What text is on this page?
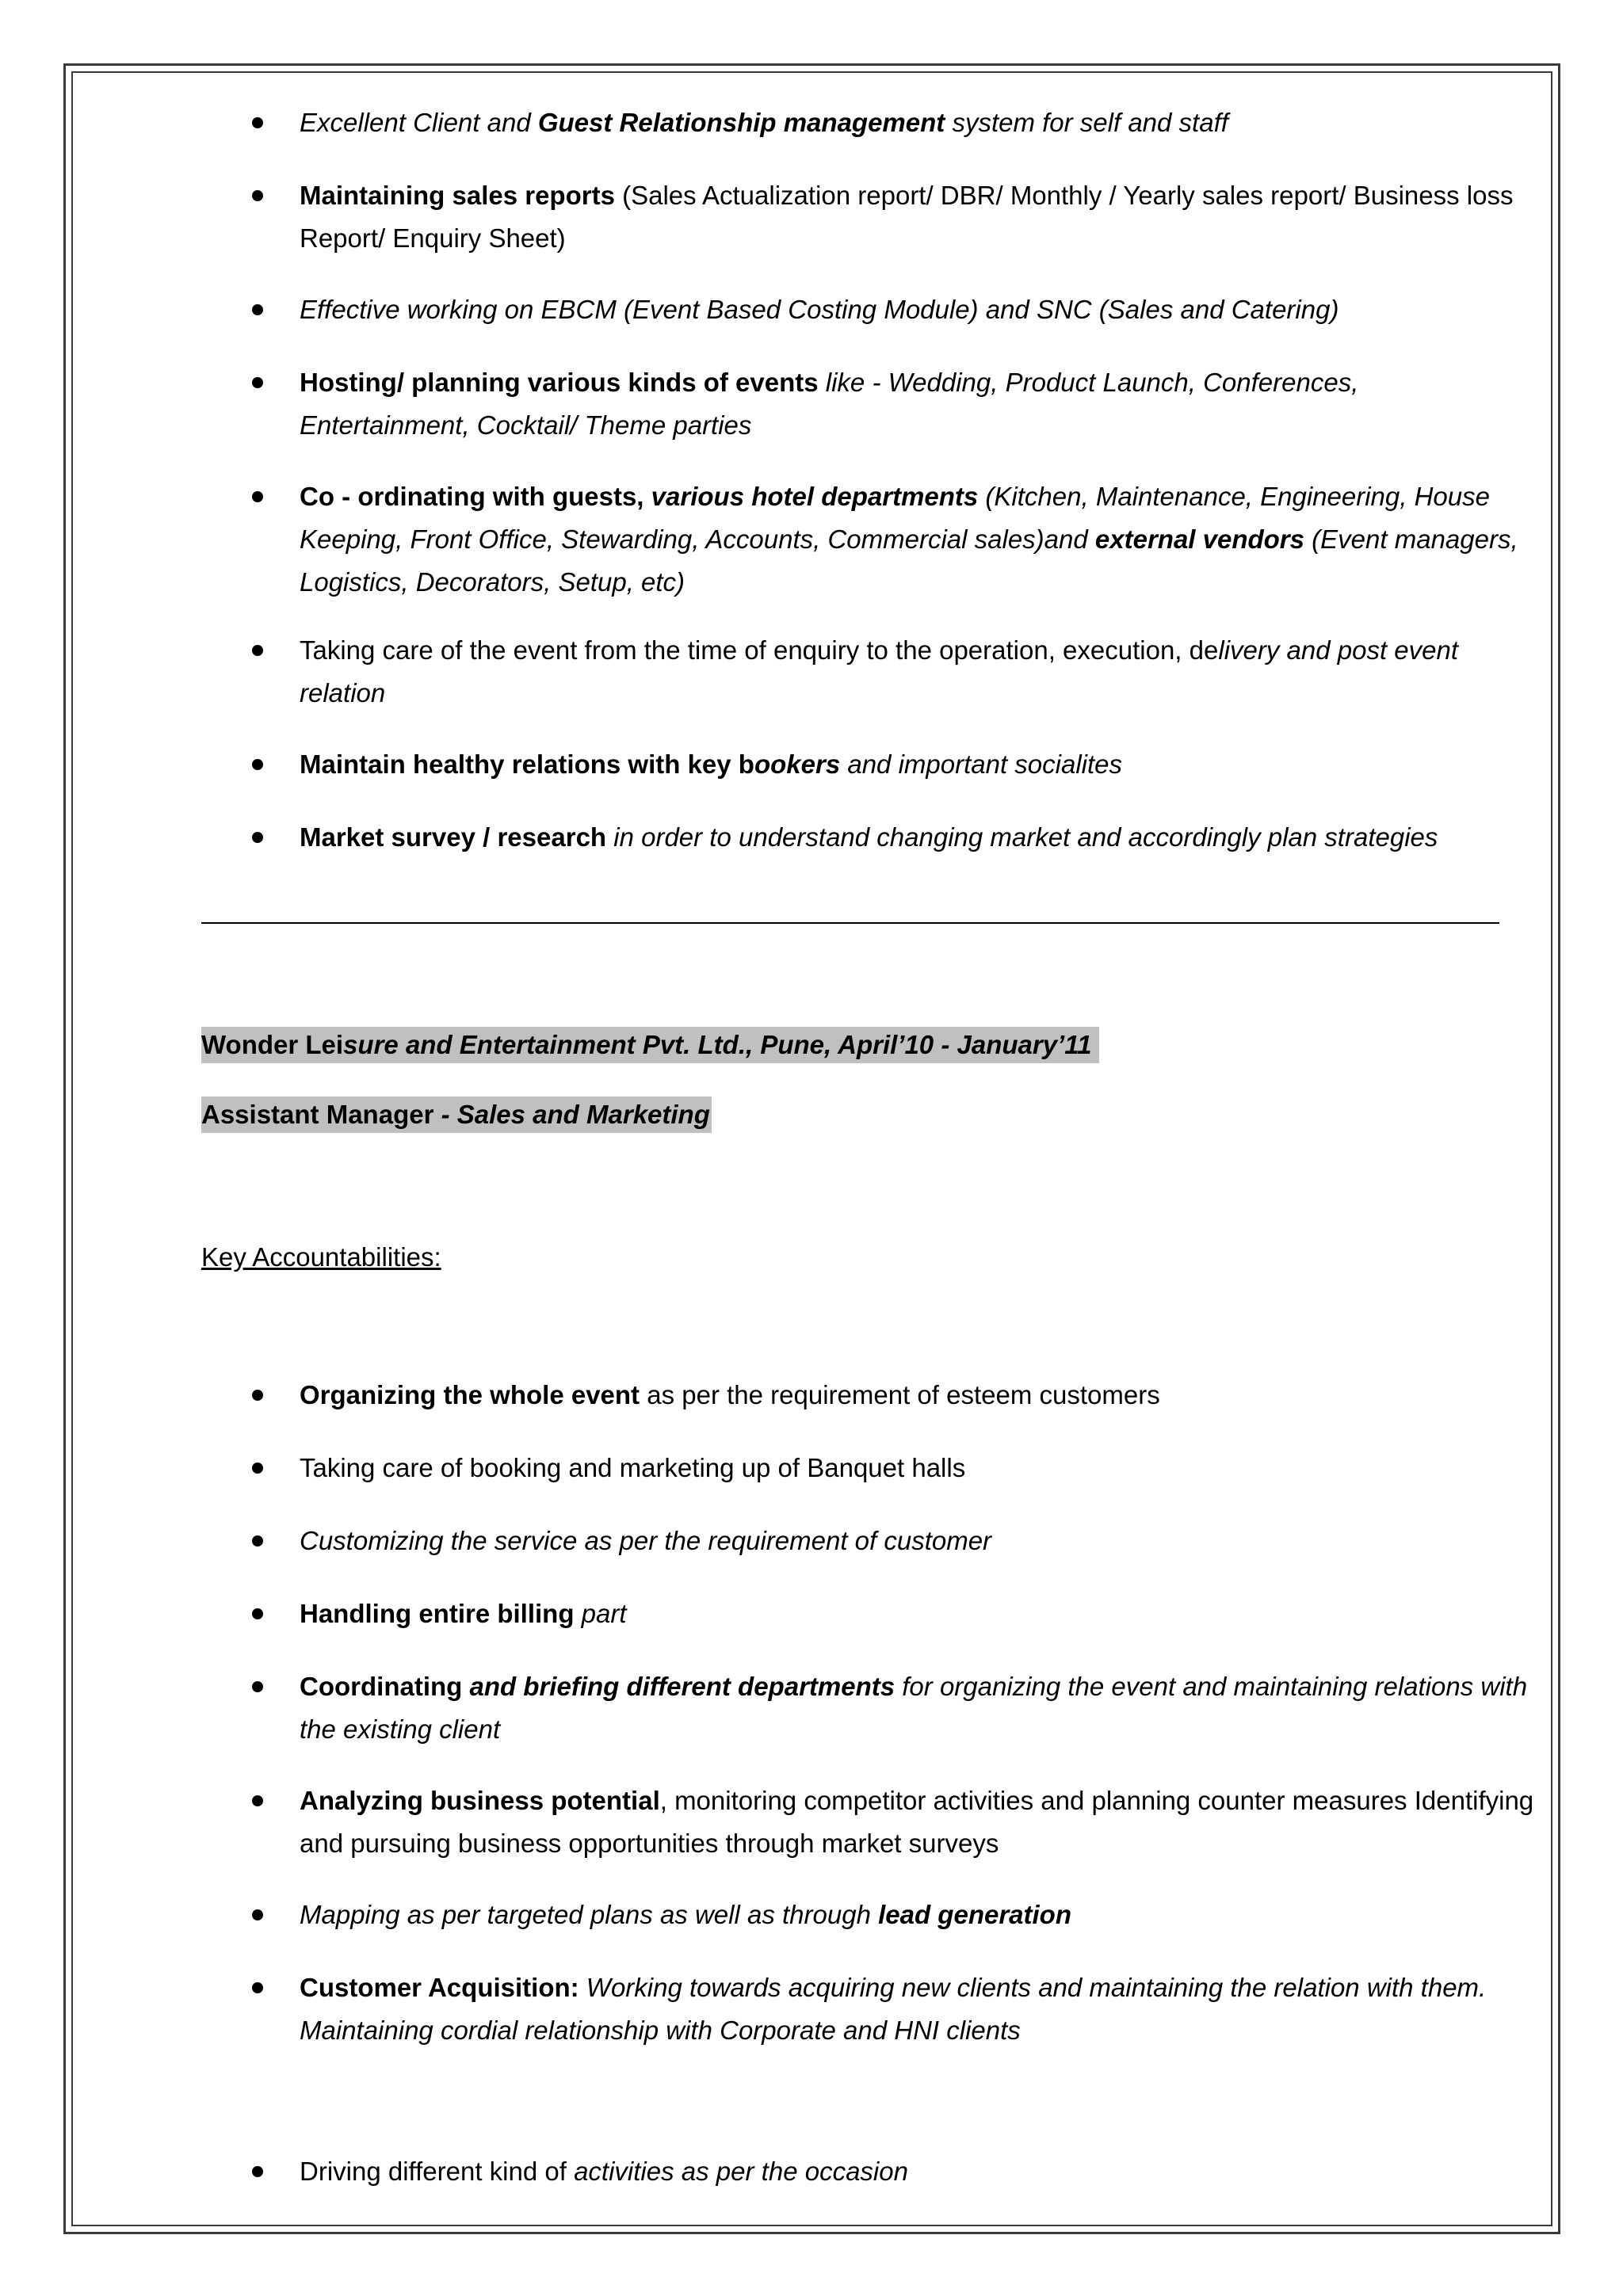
Excellent Client and Guest Relationship management system for self and staff
Maintaining sales reports (Sales Actualization report/ DBR/ Monthly / Yearly sales report/ Business loss Report/ Enquiry Sheet)
Effective working on EBCM (Event Based Costing Module) and SNC (Sales and Catering)
Hosting/ planning various kinds of events like - Wedding, Product Launch, Conferences, Entertainment, Cocktail/ Theme parties
Co - ordinating with guests, various hotel departments (Kitchen, Maintenance, Engineering, House Keeping, Front Office, Stewarding, Accounts, Commercial sales)and external vendors (Event managers, Logistics, Decorators, Setup, etc)
Taking care of the event from the time of enquiry to the operation, execution, delivery and post event relation
Maintain healthy relations with key bookers and important socialites
Market survey / research in order to understand changing market and accordingly plan strategies
Wonder Leisure and Entertainment Pvt. Ltd., Pune, April’10 - January’11
Assistant Manager - Sales and Marketing
Key Accountabilities:
Organizing the whole event as per the requirement of esteem customers
Taking care of booking and marketing up of Banquet halls
Customizing the service as per the requirement of customer
Handling entire billing part
Coordinating and briefing different departments for organizing the event and maintaining relations with the existing client
Analyzing business potential, monitoring competitor activities and planning counter measures Identifying and pursuing business opportunities through market surveys
Mapping as per targeted plans as well as through lead generation
Customer Acquisition: Working towards acquiring new clients and maintaining the relation with them. Maintaining cordial relationship with Corporate and HNI clients
Driving different kind of activities as per the occasion
